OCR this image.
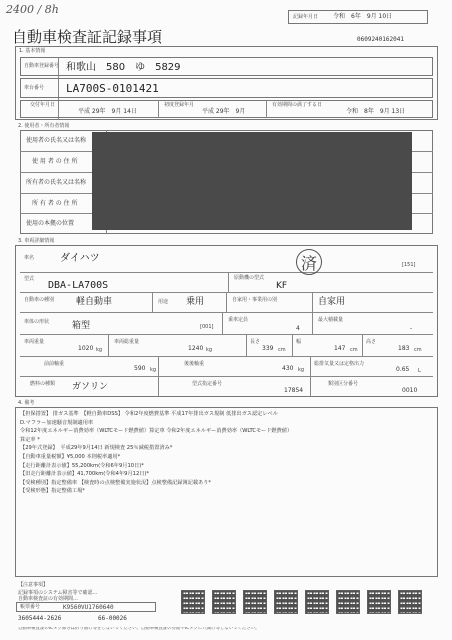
2400 / 8h
記録年月日 令和　6年　9月 10日
自動車検査証記録事項	0609240162041
1. 基本情報
自動車登録番号 和歌山　580　ゆ　5829
車台番号 LA700S-0101421
交付年月日
平成 29年　9月 14日
初度登録年月
平成 29年　9月
有効期間の満了する日
令和　8年　9月 13日
2. 使用者・所有者情報
使用者の氏名又は名称
使 用 者 の 住 所
所有者の氏名又は名称
所 有 者 の 住 所
使用の本拠の位置
3. 車両詳細情報
車名	ダイハツ	済	[151]
型式
DBA-LA700S
原動機の型式
KF
自動車の種別 軽自動車	用途 乗用	自家用・事業用の別	自家用
車体の形状	箱型	[001]
乗車定員
4
最大積載量
-
車両重量
1020 kg
車両総重量
1240 kg
長さ
339 cm
幅
147 cm
高さ
183 cm
前前軸重
590 kg
後後軸重
430 kg
総排気量又は定格出力
0.65 L
燃料の種類 ガソリン	型式指定番号
17854
類別区分番号
0010
4. 備考
【担保措置】 排ガス基準　【軽自動車DSS】 令和2年度燃費基準 平成17年排出ガス規制 低排出ガス認定レベル
D.マフラー加速騒音規制適用車
令和12年度エネルギー消費効率（WLTCモード燃費値）算定車 令和2年度エネルギー消費効率（WLTCモード燃費値）
算定率 *
【29年式登録】　平成29年9月14日 新規検査 25％減税措置済み*
【自動車重量税額】¥5,000 本則税率適用*
【走行距離計表示値】55,200km(令和6年9月10日)*
【旧走行距離計表示値】41,700km(令和4年9月12日)*
【受検種別】指定整備車 【検査時の点検整備実施状況】点検整備記録簿記載あり*
【受検形態】指定整備工場*
【注意事項】
記録事項のシステム障害等で確認…
自動車検査証の有効期間…
帳票番号	K9560VU1760640
3605444-2626	66-00026
自動車検査証のICタグ部分は折り曲げ等をしないでください。自動車検査証の券面やICタグに穴開け等しないでください。
